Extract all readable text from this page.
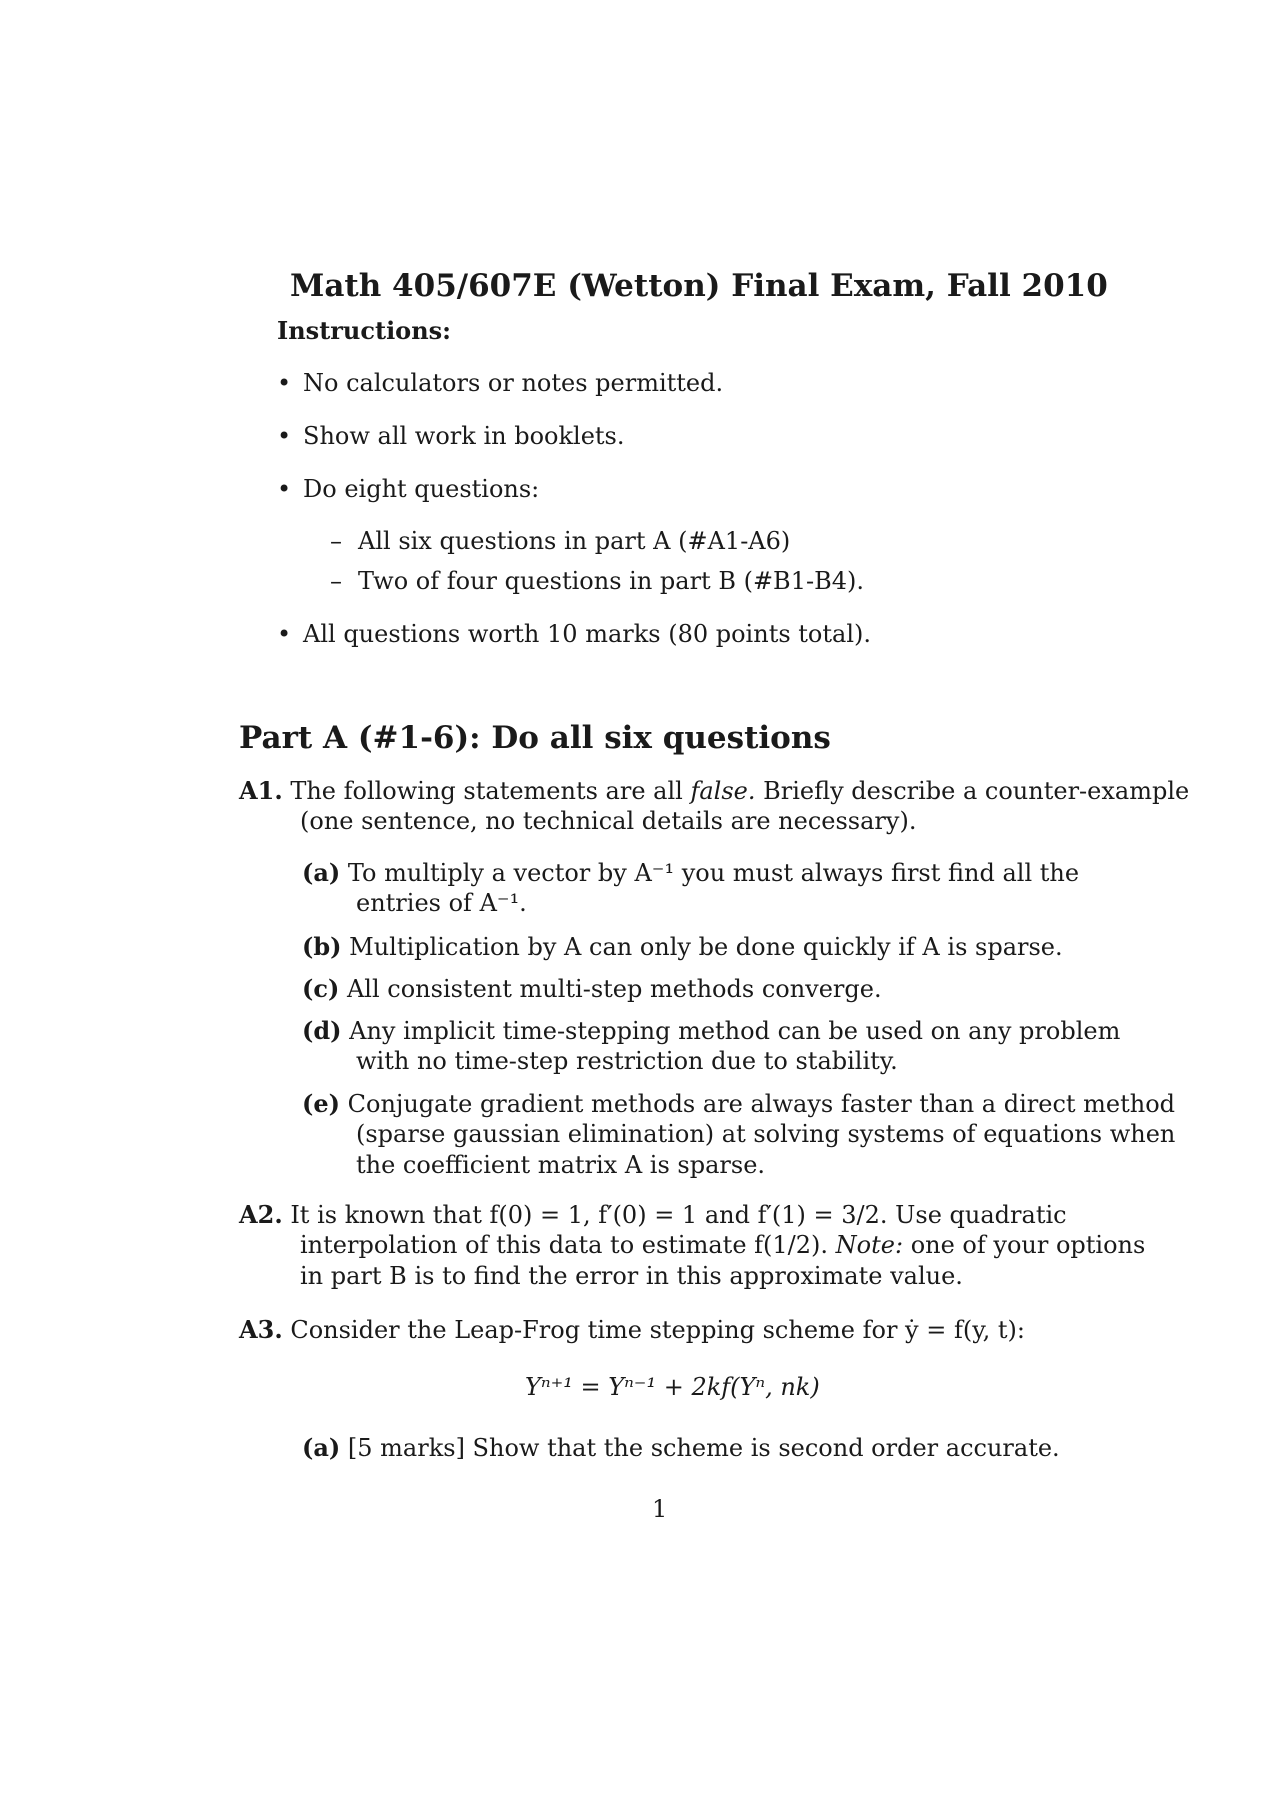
Math 405/607E (Wetton) Final Exam, Fall 2010
Instructions:
• No calculators or notes permitted.
• Show all work in booklets.
• Do eight questions:
– All six questions in part A (#A1-A6)
– Two of four questions in part B (#B1-B4).
• All questions worth 10 marks (80 points total).
Part A (#1-6): Do all six questions
A1. The following statements are all false. Briefly describe a counter-example
(one sentence, no technical details are necessary).
(a) To multiply a vector by A⁻¹ you must always first find all the
entries of A⁻¹.
(b) Multiplication by A can only be done quickly if A is sparse.
(c) All consistent multi-step methods converge.
(d) Any implicit time-stepping method can be used on any problem
with no time-step restriction due to stability.
(e) Conjugate gradient methods are always faster than a direct method
(sparse gaussian elimination) at solving systems of equations when
the coefficient matrix A is sparse.
A2. It is known that f(0) = 1, f′(0) = 1 and f′(1) = 3/2. Use quadratic
interpolation of this data to estimate f(1/2). Note: one of your options
in part B is to find the error in this approximate value.
A3. Consider the Leap-Frog time stepping scheme for ẏ = f(y, t):
Yⁿ⁺¹ = Yⁿ⁻¹ + 2kf(Yⁿ, nk)
(a) [5 marks] Show that the scheme is second order accurate.
1
